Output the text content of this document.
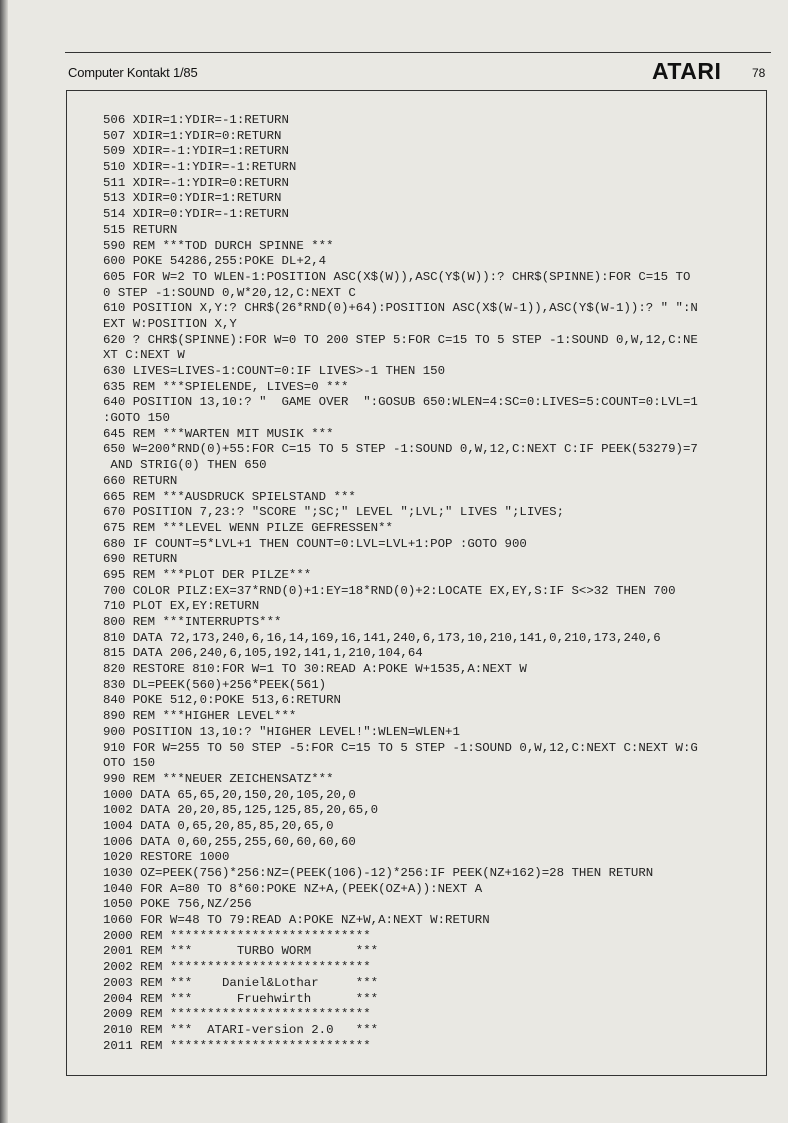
Computer Kontakt 1/85	ATARI	78
506 XDIR=1:YDIR=-1:RETURN
507 XDIR=1:YDIR=0:RETURN
509 XDIR=-1:YDIR=1:RETURN
510 XDIR=-1:YDIR=-1:RETURN
511 XDIR=-1:YDIR=0:RETURN
513 XDIR=0:YDIR=1:RETURN
514 XDIR=0:YDIR=-1:RETURN
515 RETURN
590 REM ***TOD DURCH SPINNE ***
600 POKE 54286,255:POKE DL+2,4
605 FOR W=2 TO WLEN-1:POSITION ASC(X$(W)),ASC(Y$(W)):? CHR$(SPINNE):FOR C=15 TO
0 STEP -1:SOUND 0,W*20,12,C:NEXT C
610 POSITION X,Y:? CHR$(26*RND(0)+64):POSITION ASC(X$(W-1)),ASC(Y$(W-1)):? " ":N
EXT W:POSITION X,Y
620 ? CHR$(SPINNE):FOR W=0 TO 200 STEP 5:FOR C=15 TO 5 STEP -1:SOUND 0,W,12,C:NE
XT C:NEXT W
630 LIVES=LIVES-1:COUNT=0:IF LIVES>-1 THEN 150
635 REM ***SPIELENDE, LIVES=0 ***
640 POSITION 13,10:? "  GAME OVER  ":GOSUB 650:WLEN=4:SC=0:LIVES=5:COUNT=0:LVL=1
:GOTO 150
645 REM ***WARTEN MIT MUSIK ***
650 W=200*RND(0)+55:FOR C=15 TO 5 STEP -1:SOUND 0,W,12,C:NEXT C:IF PEEK(53279)=7
AND STRIG(0) THEN 650
660 RETURN
665 REM ***AUSDRUCK SPIELSTAND ***
670 POSITION 7,23:? "SCORE ";SC;" LEVEL ";LVL;" LIVES ";LIVES;
675 REM ***LEVEL WENN PILZE GEFRESSEN**
680 IF COUNT=5*LVL+1 THEN COUNT=0:LVL=LVL+1:POP :GOTO 900
690 RETURN
695 REM ***PLOT DER PILZE***
700 COLOR PILZ:EX=37*RND(0)+1:EY=18*RND(0)+2:LOCATE EX,EY,S:IF S<>32 THEN 700
710 PLOT EX,EY:RETURN
800 REM ***INTERRUPTS***
810 DATA 72,173,240,6,16,14,169,16,141,240,6,173,10,210,141,0,210,173,240,6
815 DATA 206,240,6,105,192,141,1,210,104,64
820 RESTORE 810:FOR W=1 TO 30:READ A:POKE W+1535,A:NEXT W
830 DL=PEEK(560)+256*PEEK(561)
840 POKE 512,0:POKE 513,6:RETURN
890 REM ***HIGHER LEVEL***
900 POSITION 13,10:? "HIGHER LEVEL!":WLEN=WLEN+1
910 FOR W=255 TO 50 STEP -5:FOR C=15 TO 5 STEP -1:SOUND 0,W,12,C:NEXT C:NEXT W:G
OTO 150
990 REM ***NEUER ZEICHENSATZ***
1000 DATA 65,65,20,150,20,105,20,0
1002 DATA 20,20,85,125,125,85,20,65,0
1004 DATA 0,65,20,85,85,20,65,0
1006 DATA 0,60,255,255,60,60,60,60
1020 RESTORE 1000
1030 OZ=PEEK(756)*256:NZ=(PEEK(106)-12)*256:IF PEEK(NZ+162)=28 THEN RETURN
1040 FOR A=80 TO 8*60:POKE NZ+A,(PEEK(OZ+A)):NEXT A
1050 POKE 756,NZ/256
1060 FOR W=48 TO 79:READ A:POKE NZ+W,A:NEXT W:RETURN
2000 REM ***************************
2001 REM ***      TURBO WORM      ***
2002 REM ***************************
2003 REM ***    Daniel&Lothar     ***
2004 REM ***      Fruehwirth      ***
2009 REM ***************************
2010 REM ***  ATARI-version 2.0   ***
2011 REM ***************************
